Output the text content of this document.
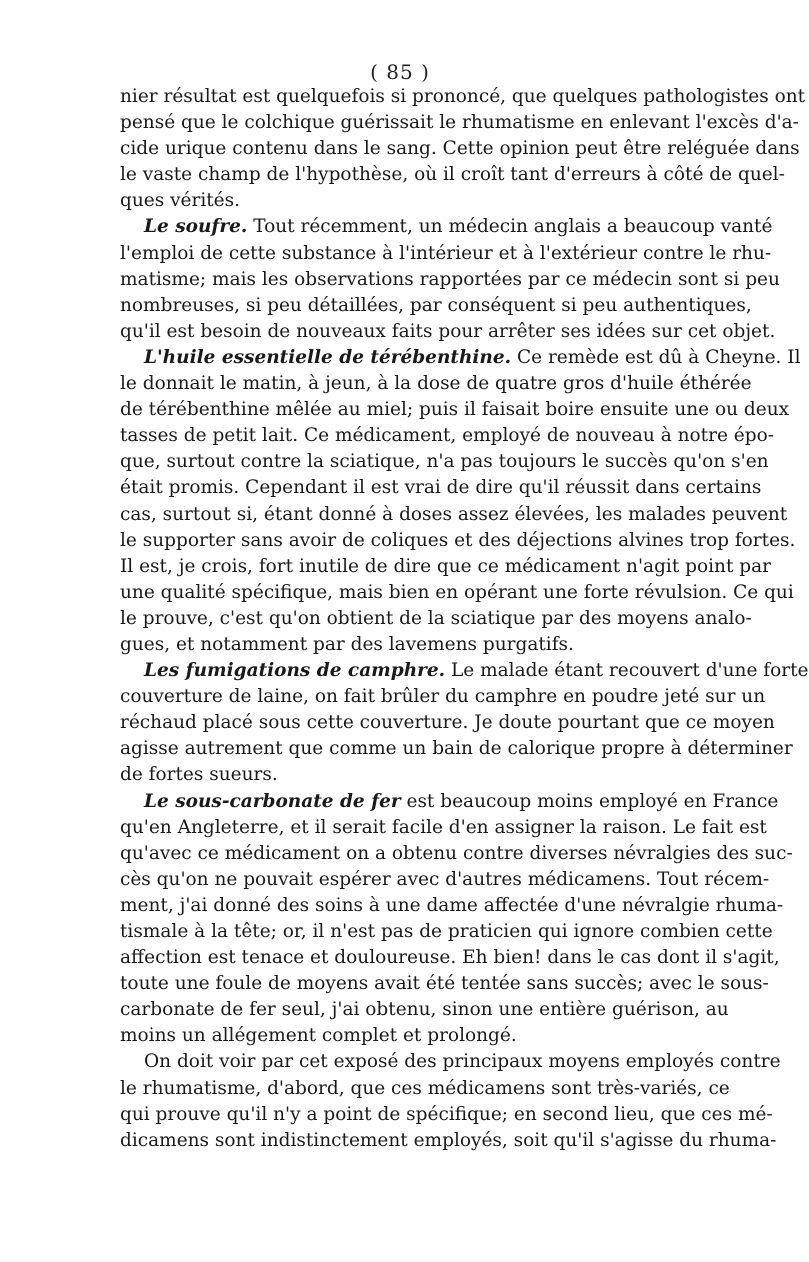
( 85 )
nier résultat est quelquefois si prononcé, que quelques pathologistes ont
pensé que le colchique guérissait le rhumatisme en enlevant l'excès d'a-
cide urique contenu dans le sang. Cette opinion peut être reléguée dans
le vaste champ de l'hypothèse, où il croît tant d'erreurs à côté de quel-
ques vérités.
Le soufre. Tout récemment, un médecin anglais a beaucoup vanté
l'emploi de cette substance à l'intérieur et à l'extérieur contre le rhu-
matisme; mais les observations rapportées par ce médecin sont si peu
nombreuses, si peu détaillées, par conséquent si peu authentiques,
qu'il est besoin de nouveaux faits pour arrêter ses idées sur cet objet.
L'huile essentielle de térébenthine. Ce remède est dû à Cheyne. Il
le donnait le matin, à jeun, à la dose de quatre gros d'huile éthérée
de térébenthine mêlée au miel; puis il faisait boire ensuite une ou deux
tasses de petit lait. Ce médicament, employé de nouveau à notre épo-
que, surtout contre la sciatique, n'a pas toujours le succès qu'on s'en
était promis. Cependant il est vrai de dire qu'il réussit dans certains
cas, surtout si, étant donné à doses assez élevées, les malades peuvent
le supporter sans avoir de coliques et des déjections alvines trop fortes.
Il est, je crois, fort inutile de dire que ce médicament n'agit point par
une qualité spécifique, mais bien en opérant une forte révulsion. Ce qui
le prouve, c'est qu'on obtient de la sciatique par des moyens analo-
gues, et notamment par des lavemens purgatifs.
Les fumigations de camphre. Le malade étant recouvert d'une forte
couverture de laine, on fait brûler du camphre en poudre jeté sur un
réchaud placé sous cette couverture. Je doute pourtant que ce moyen
agisse autrement que comme un bain de calorique propre à déterminer
de fortes sueurs.
Le sous-carbonate de fer est beaucoup moins employé en France
qu'en Angleterre, et il serait facile d'en assigner la raison. Le fait est
qu'avec ce médicament on a obtenu contre diverses névralgies des suc-
cès qu'on ne pouvait espérer avec d'autres médicamens. Tout récem-
ment, j'ai donné des soins à une dame affectée d'une névralgie rhuma-
tismale à la tête; or, il n'est pas de praticien qui ignore combien cette
affection est tenace et douloureuse. Eh bien! dans le cas dont il s'agit,
toute une foule de moyens avait été tentée sans succès; avec le sous-
carbonate de fer seul, j'ai obtenu, sinon une entière guérison, au
moins un allégement complet et prolongé.
On doit voir par cet exposé des principaux moyens employés contre
le rhumatisme, d'abord, que ces médicamens sont très-variés, ce
qui prouve qu'il n'y a point de spécifique; en second lieu, que ces mé-
dicamens sont indistinctement employés, soit qu'il s'agisse du rhuma-
